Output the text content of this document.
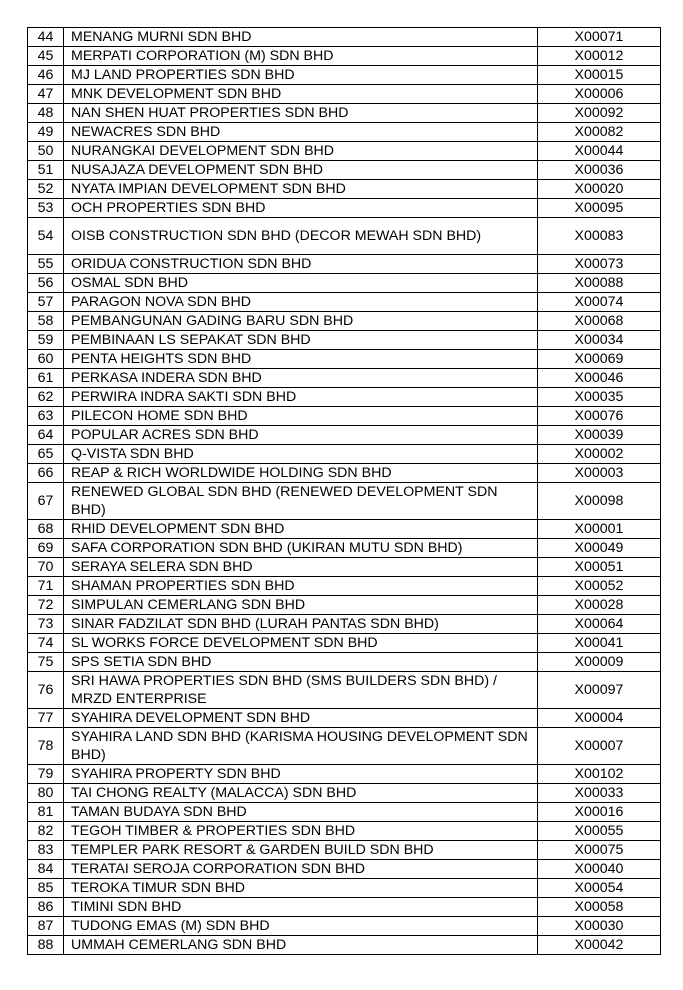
44	MENANG MURNI SDN BHD	X00071
45	MERPATI CORPORATION (M) SDN BHD	X00012
46	MJ LAND PROPERTIES SDN BHD	X00015
47	MNK DEVELOPMENT SDN BHD	X00006
48	NAN SHEN HUAT PROPERTIES SDN BHD	X00092
49	NEWACRES SDN BHD	X00082
50	NURANGKAI DEVELOPMENT SDN BHD	X00044
51	NUSAJAZA DEVELOPMENT SDN BHD	X00036
52	NYATA IMPIAN DEVELOPMENT SDN BHD	X00020
53	OCH PROPERTIES SDN BHD	X00095
54	OISB CONSTRUCTION SDN BHD (DECOR MEWAH SDN BHD)	X00083
55	ORIDUA CONSTRUCTION SDN BHD	X00073
56	OSMAL SDN BHD	X00088
57	PARAGON NOVA SDN BHD	X00074
58	PEMBANGUNAN GADING BARU SDN BHD	X00068
59	PEMBINAAN LS SEPAKAT SDN BHD	X00034
60	PENTA HEIGHTS SDN BHD	X00069
61	PERKASA INDERA SDN BHD	X00046
62	PERWIRA INDRA SAKTI SDN BHD	X00035
63	PILECON HOME SDN BHD	X00076
64	POPULAR ACRES SDN BHD	X00039
65	Q-VISTA SDN BHD	X00002
66	REAP & RICH WORLDWIDE HOLDING SDN BHD	X00003
67	RENEWED GLOBAL SDN BHD (RENEWED DEVELOPMENT SDN BHD)	X00098
68	RHID DEVELOPMENT SDN BHD	X00001
69	SAFA CORPORATION SDN BHD (UKIRAN MUTU SDN BHD)	X00049
70	SERAYA SELERA SDN BHD	X00051
71	SHAMAN PROPERTIES SDN BHD	X00052
72	SIMPULAN CEMERLANG SDN BHD	X00028
73	SINAR FADZILAT SDN BHD (LURAH PANTAS SDN BHD)	X00064
74	SL WORKS FORCE DEVELOPMENT SDN BHD	X00041
75	SPS SETIA SDN BHD	X00009
76	SRI HAWA PROPERTIES SDN BHD (SMS BUILDERS SDN BHD) / MRZD ENTERPRISE	X00097
77	SYAHIRA DEVELOPMENT SDN BHD	X00004
78	SYAHIRA LAND SDN BHD (KARISMA HOUSING DEVELOPMENT SDN BHD)	X00007
79	SYAHIRA PROPERTY SDN BHD	X00102
80	TAI CHONG REALTY (MALACCA) SDN BHD	X00033
81	TAMAN BUDAYA SDN BHD	X00016
82	TEGOH TIMBER & PROPERTIES SDN BHD	X00055
83	TEMPLER PARK RESORT & GARDEN BUILD SDN BHD	X00075
84	TERATAI SEROJA CORPORATION SDN BHD	X00040
85	TEROKA TIMUR SDN BHD	X00054
86	TIMINI SDN BHD	X00058
87	TUDONG EMAS (M) SDN BHD	X00030
88	UMMAH CEMERLANG SDN BHD	X00042
